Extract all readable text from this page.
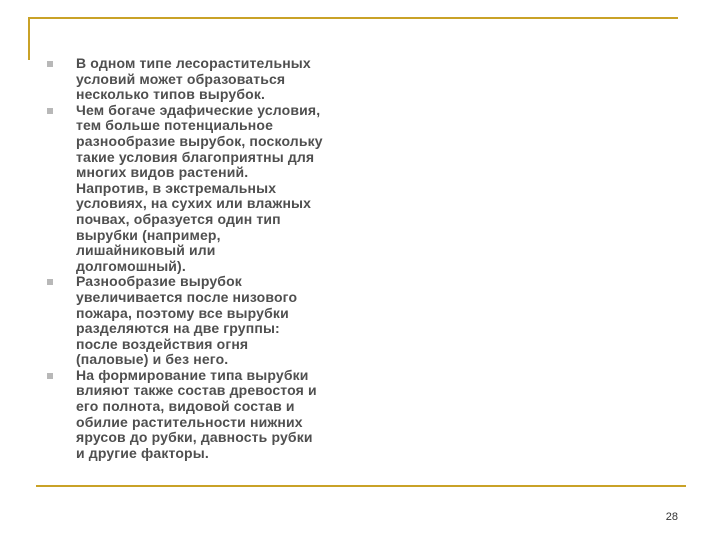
В одном типе лесорастительных
условий может образоваться
несколько типов вырубок.
Чем богаче эдафические условия,
тем больше потенциальное
разнообразие вырубок, поскольку
такие условия благоприятны для
многих видов растений.
Напротив, в экстремальных
условиях, на сухих или влажных
почвах, образуется один тип
вырубки (например,
лишайниковый или
долгомошный).
Разнообразие вырубок
увеличивается после низового
пожара, поэтому все вырубки
разделяются на две группы:
после воздействия огня
(паловые) и без него.
На формирование типа вырубки
влияют также состав древостоя и
его полнота, видовой состав и
обилие растительности нижних
ярусов до рубки, давность рубки
и другие факторы.
28
